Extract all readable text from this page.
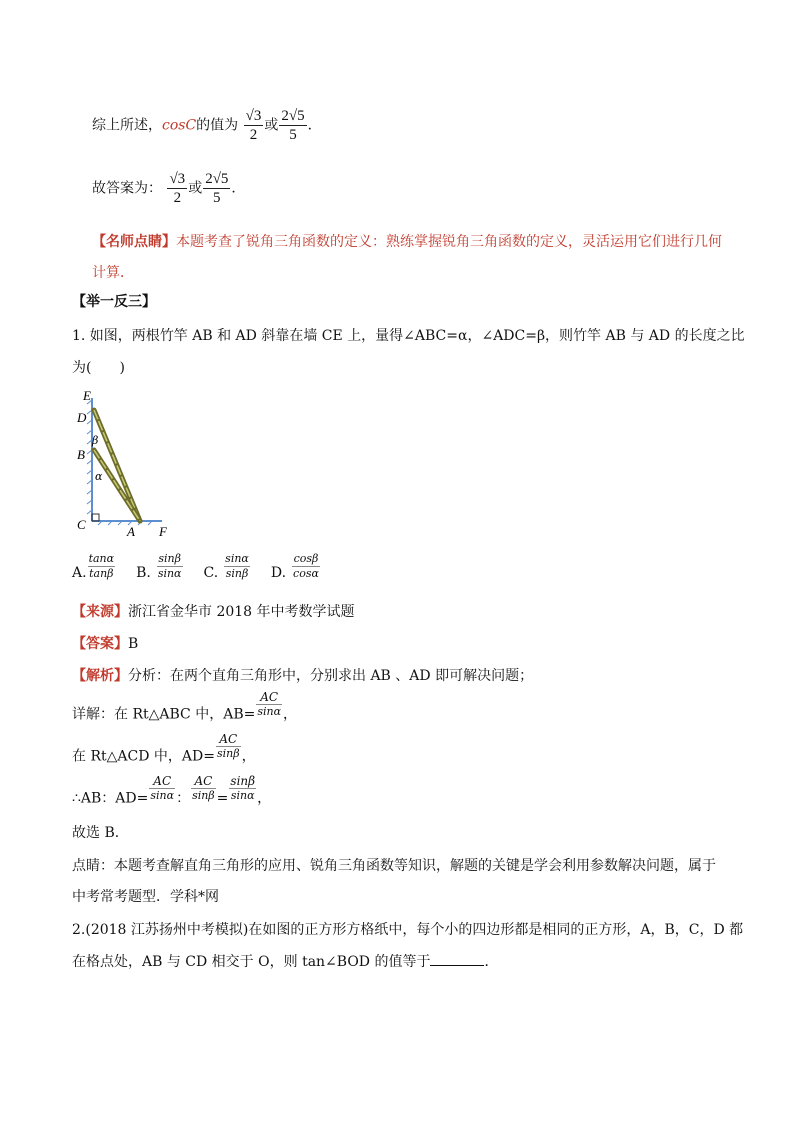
综上所述，cosC的值为 $\frac{√3}{2}$ 或 $\frac{2√5}{5}$ ．
故答案为： $\frac{√3}{2}$ 或 $\frac{2√5}{5}$ ．
【名师点睛】本题考查了锐角三角函数的定义：熟练掌握锐角三角函数的定义，灵活运用它们进行几何
计算．
【举一反三】
1. 如图，两根竹竿 AB 和 AD 斜靠在墙 CE 上，量得∠ABC=α，∠ADC=β，则竹竿 AB 与 AD 的长度之比
为(　　)
E
D
β
B
α
C	A F
A. $\frac{\tan\alpha}{\tan\beta} B$. $\frac{\sin\beta}{\sin\alpha} C$. $\frac{\sin\alpha}{\sin\beta} D$. $\frac{\cos\beta}{\cos\alpha}$
【来源】浙江省金华市 2018 年中考数学试题
【答案】B
【解析】分析：在两个直角三角形中，分别求出 AB 、AD 即可解决问题；
详解：在 Rt△ABC 中，$AB= \frac{AC}{\sin\alpha}$ ，
在 Rt△ACD 中，$AD= \frac{AC}{\sin\beta}$ ，
∴AB：$AD= \frac{AC}{\sin\alpha}$ ： $\frac{AC}{\sin\beta} = \frac{\sin\beta}{\sin\alpha}$ ，
故选 B．
点睛：本题考查解直角三角形的应用、锐角三角函数等知识，解题的关键是学会利用参数解决问题，属于
中考常考题型．学科*网
2.(2018 江苏扬州中考模拟)在如图的正方形方格纸中，每个小的四边形都是相同的正方形，A，B，C，D 都
在格点处，AB 与 CD 相交于 O，则 tan∠BOD 的值等于	．
